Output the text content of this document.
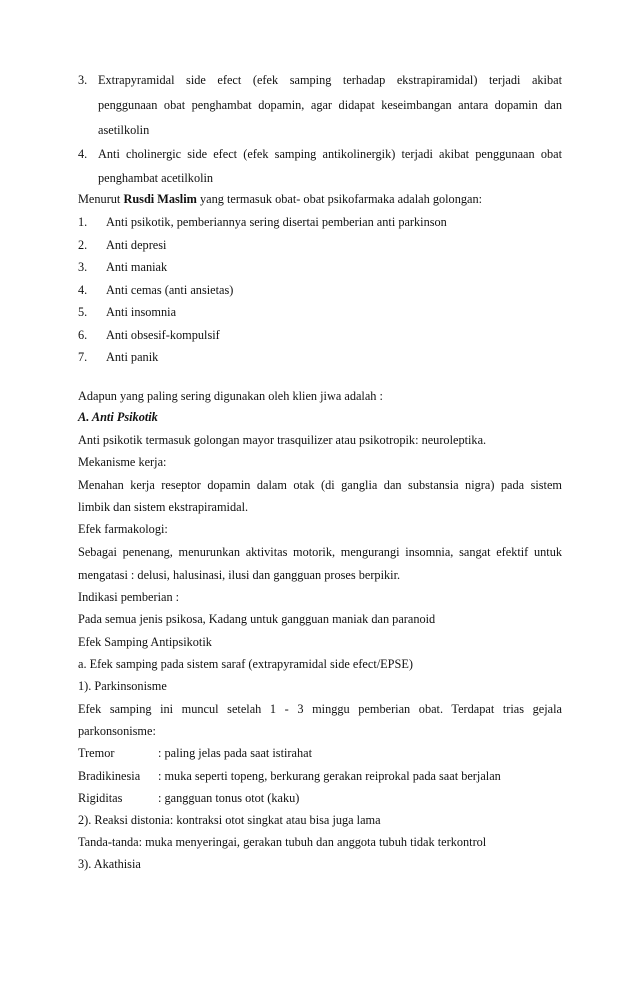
3. Extrapyramidal side efect (efek samping terhadap ekstrapiramidal) terjadi akibat
penggunaan obat penghambat dopamin, agar didapat keseimbangan antara dopamin dan
asetilkolin
4. Anti cholinergic side efect (efek samping antikolinergik) terjadi akibat penggunaan obat
penghambat acetilkolin
Menurut Rusdi Maslim yang termasuk obat- obat psikofarmaka adalah golongan:
1. Anti psikotik, pemberiannya sering disertai pemberian anti parkinson
2. Anti depresi
3. Anti maniak
4. Anti cemas (anti ansietas)
5. Anti insomnia
6. Anti obsesif-kompulsif
7. Anti panik
Adapun yang paling sering digunakan oleh klien jiwa adalah :
A. Anti Psikotik
Anti psikotik termasuk golongan mayor trasquilizer atau psikotropik: neuroleptika.
Mekanisme kerja:
Menahan kerja reseptor dopamin dalam otak (di ganglia dan substansia nigra) pada sistem
limbik dan sistem ekstrapiramidal.
Efek farmakologi:
Sebagai penenang, menurunkan aktivitas motorik, mengurangi insomnia, sangat efektif untuk
mengatasi : delusi, halusinasi, ilusi dan gangguan proses berpikir.
Indikasi pemberian :
Pada semua jenis psikosa, Kadang untuk gangguan maniak dan paranoid
Efek Samping Antipsikotik
a. Efek samping pada sistem saraf (extrapyramidal side efect/EPSE)
1). Parkinsonisme
Efek samping ini muncul setelah 1 - 3 minggu pemberian obat. Terdapat trias gejala
parkonsonisme:
Tremor	: paling jelas pada saat istirahat
Bradikinesia : muka seperti topeng, berkurang gerakan reiprokal pada saat berjalan
Rigiditas	: gangguan tonus otot (kaku)
2). Reaksi distonia: kontraksi otot singkat atau bisa juga lama
Tanda-tanda: muka menyeringai, gerakan tubuh dan anggota tubuh tidak terkontrol
3). Akathisia
